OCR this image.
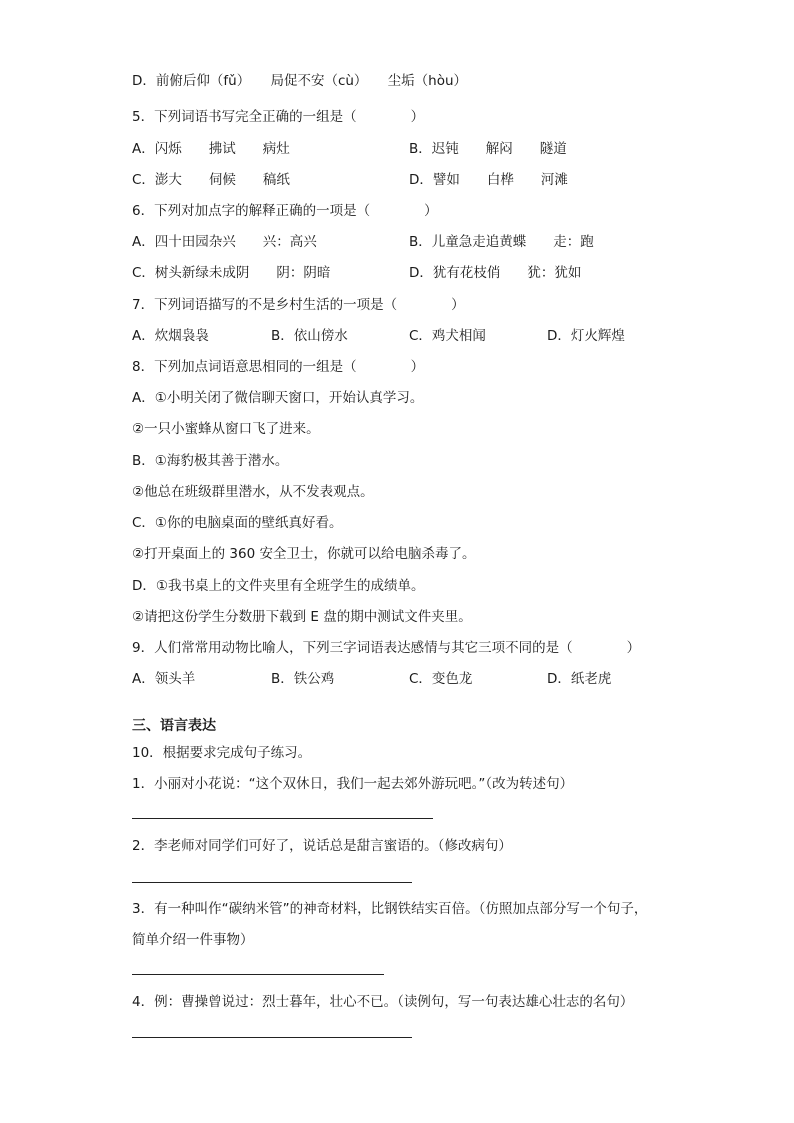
D．前俯后仰（fǔ）　　局促不安（cù）　　尘垢（hòu）
5．下列词语书写完全正确的一组是（　　　　）
A．闪烁　　拂试　　病灶	B．迟钝　　解闷　　隧道
C．澎大　　伺候　　稿纸	D．譬如　　白桦　　河滩
6．下列对加点字的解释正确的一项是（　　　　）
A．四十田园杂兴　　兴：高兴	B．儿童急走追黄蝶　　走：跑
C．树头新绿未成阴　　阴：阴暗	D．犹有花枝俏　　犹：犹如
7．下列词语描写的不是乡村生活的一项是（　　　　）
A．炊烟袅袅	B．依山傍水	C．鸡犬相闻	D．灯火辉煌
8．下列加点词语意思相同的一组是（　　　　）
A．①小明关闭了微信聊天窗口，开始认真学习。
②一只小蜜蜂从窗口飞了进来。
B．①海豹极其善于潜水。
②他总在班级群里潜水，从不发表观点。
C．①你的电脑桌面的壁纸真好看。
②打开桌面上的 360 安全卫士，你就可以给电脑杀毒了。
D．①我书桌上的文件夹里有全班学生的成绩单。
②请把这份学生分数册下载到 E 盘的期中测试文件夹里。
9．人们常常用动物比喻人，下列三字词语表达感情与其它三项不同的是（　　　　）
A．领头羊	B．铁公鸡	C．变色龙	D．纸老虎
三、语言表达
10．根据要求完成句子练习。
1．小丽对小花说：“这个双休日，我们一起去郊外游玩吧。”（改为转述句）
2．李老师对同学们可好了，说话总是甜言蜜语的。（修改病句）
3．有一种叫作“碳纳米管”的神奇材料，比钢铁结实百倍。（仿照加点部分写一个句子，
简单介绍一件事物）
4．例：曹操曾说过：烈士暮年，壮心不已。（读例句，写一句表达雄心壮志的名句）
